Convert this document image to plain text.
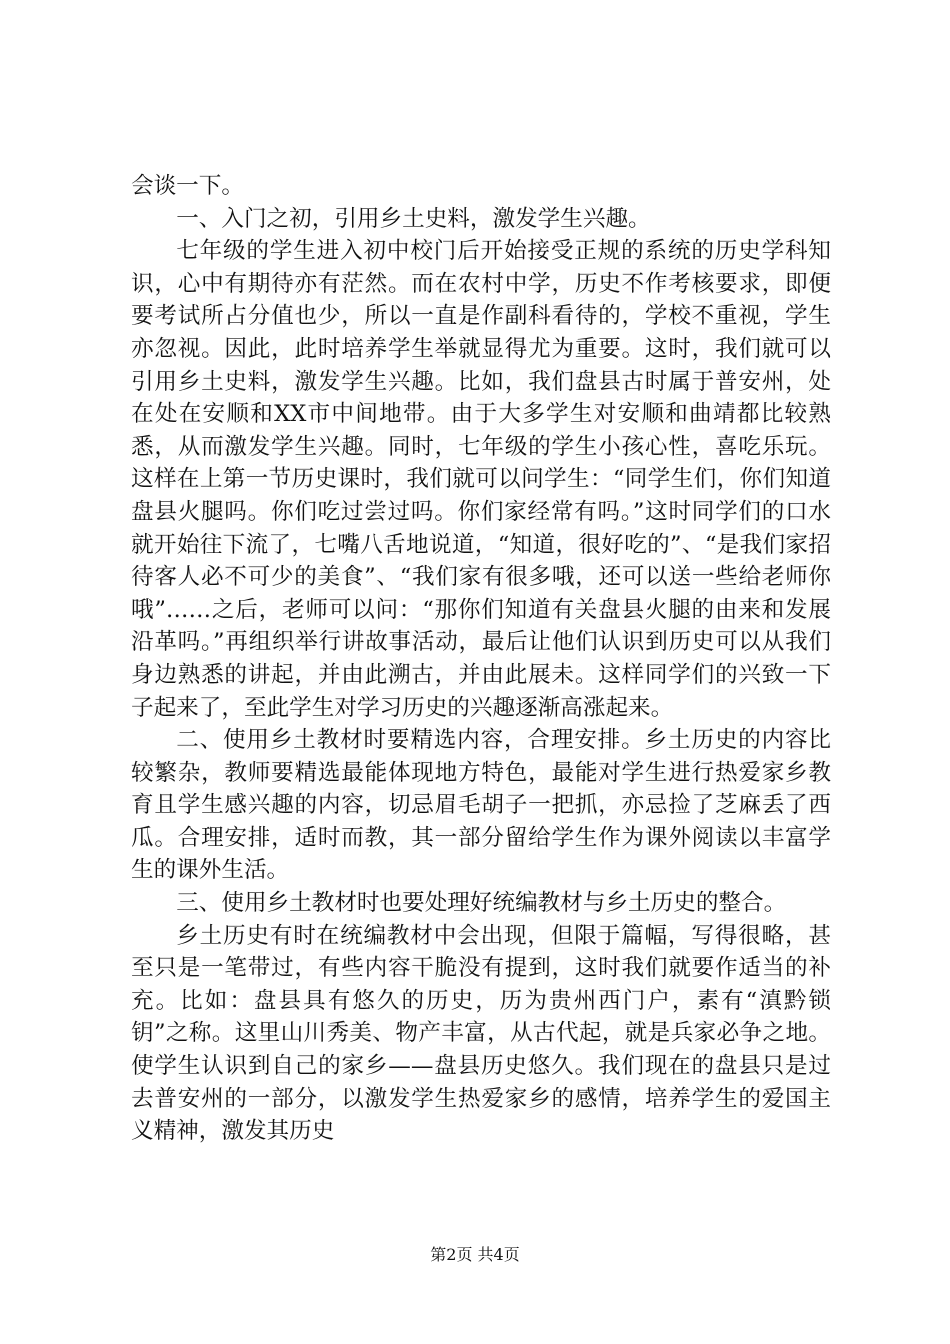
会谈一下。

一、入门之初，引用乡土史料，激发学生兴趣。

七年级的学生进入初中校门后开始接受正规的系统的历史学科知识，心中有期待亦有茫然。而在农村中学，历史不作考核要求，即便要考试所占分值也少，所以一直是作副科看待的，学校不重视，学生亦忽视。因此，此时培养学生举就显得尤为重要。这时，我们就可以引用乡土史料，激发学生兴趣。比如，我们盘县古时属于普安州，处在处在安顺和XX市中间地带。由于大多学生对安顺和曲靖都比较熟悉，从而激发学生兴趣。同时，七年级的学生小孩心性，喜吃乐玩。这样在上第一节历史课时，我们就可以问学生：“同学生们，你们知道盘县火腿吗。你们吃过尝过吗。你们家经常有吗。”这时同学们的口水就开始往下流了，七嘴八舌地说道，“知道，很好吃的”、“是我们家招待客人必不可少的美食”、“我们家有很多哦，还可以送一些给老师你哦”……之后，老师可以问：“那你们知道有关盘县火腿的由来和发展沿革吗。”再组织举行讲故事活动，最后让他们认识到历史可以从我们身边熟悉的讲起，并由此溯古，并由此展未。这样同学们的兴致一下子起来了，至此学生对学习历史的兴趣逐渐高涨起来。

二、使用乡土教材时要精选内容，合理安排。乡土历史的内容比较繁杂，教师要精选最能体现地方特色，最能对学生进行热爱家乡教育且学生感兴趣的内容，切忌眉毛胡子一把抓，亦忌捡了芝麻丢了西瓜。合理安排，适时而教，其一部分留给学生作为课外阅读以丰富学生的课外生活。

三、使用乡土教材时也要处理好统编教材与乡土历史的整合。

乡土历史有时在统编教材中会出现，但限于篇幅，写得很略，甚至只是一笔带过，有些内容干脆没有提到，这时我们就要作适当的补充。比如：盘县具有悠久的历史，历为贵州西门户，素有“滇黔锁钥”之称。这里山川秀美、物产丰富，从古代起，就是兵家必争之地。使学生认识到自己的家乡——盘县历史悠久。我们现在的盘县只是过去普安州的一部分，以激发学生热爱家乡的感情，培养学生的爱国主义精神，激发其历史

第2页 共4页
